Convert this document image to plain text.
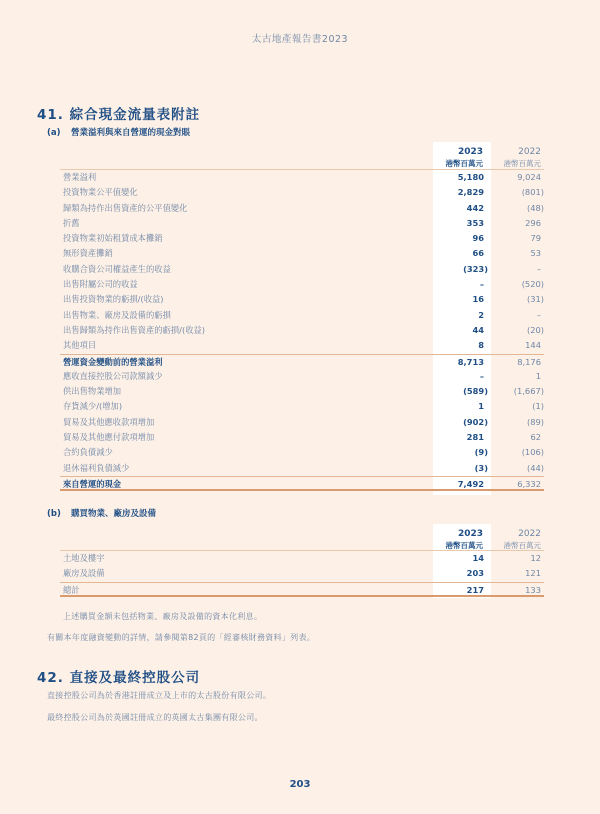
太古地產報告書2023
41. 綜合現金流量表附註
(a) 營業溢利與來自營運的現金對賬
2023
港幣百萬元
2022
港幣百萬元
營業溢利	5,180	9,024
投資物業公平值變化	2,829	(801)
歸類為持作出售資產的公平值變化	442	(48)
折舊	353	296
投資物業初始租賃成本攤銷	96	79
無形資產攤銷	66	53
收購合資公司權益產生的收益	(323)	–
出售附屬公司的收益	–	(520)
出售投資物業的虧損/(收益)	16	(31)
出售物業、廠房及設備的虧損	2	–
出售歸類為持作出售資產的虧損/(收益)	44	(20)
其他項目	8	144
營運資金變動前的營業溢利	8,713	8,176
應收直接控股公司款額減少	–	1
供出售物業增加	(589)	(1,667)
存貨減少/(增加)	1	(1)
貿易及其他應收款項增加	(902)	(89)
貿易及其他應付款項增加	281	62
合約負債減少	(9)	(106)
退休福利負債減少	(3)	(44)
來自營運的現金	7,492	6,332
(b) 購買物業、廠房及設備
2023
港幣百萬元
2022
港幣百萬元
土地及樓宇	14	12
廠房及設備	203	121
總計	217	133
上述購買金額未包括物業、廠房及設備的資本化利息。
有關本年度融資變動的詳情，請參閱第82頁的「經審核財務資料」列表。
42. 直接及最終控股公司
直接控股公司為於香港註冊成立及上市的太古股份有限公司。
最終控股公司為於英國註冊成立的英國太古集團有限公司。
203
